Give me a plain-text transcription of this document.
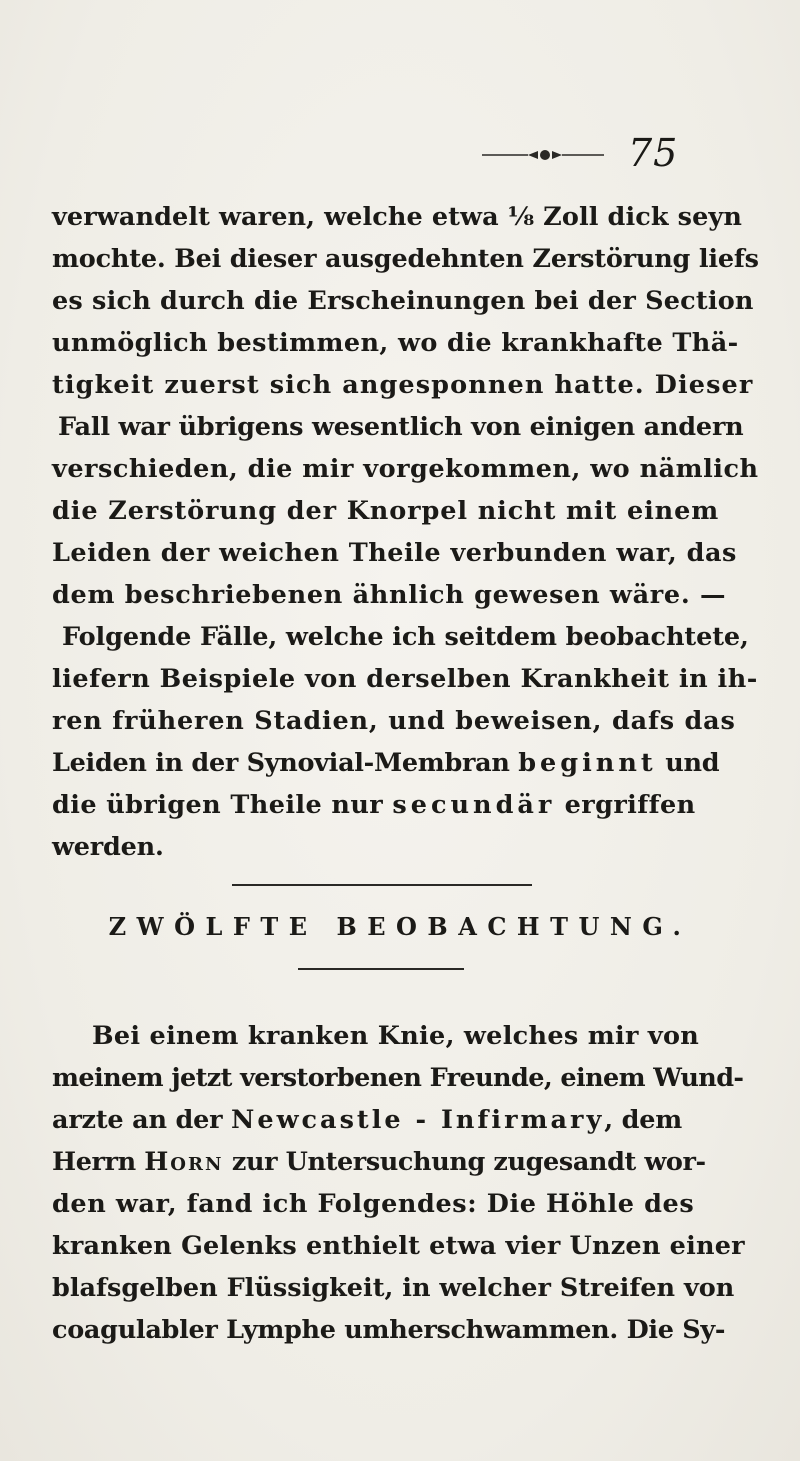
75
verwandelt waren, welche etwa ⅛ Zoll dick seyn
mochte. Bei dieser ausgedehnten Zerstörung liefs
es sich durch die Erscheinungen bei der Section
unmöglich bestimmen, wo die krankhafte Thä-
tigkeit zuerst sich angesponnen hatte. Dieser
Fall war übrigens wesentlich von einigen andern
verschieden, die mir vorgekommen, wo nämlich
die Zerstörung der Knorpel nicht mit einem
Leiden der weichen Theile verbunden war, das
dem beschriebenen ähnlich gewesen wäre. —
Folgende Fälle, welche ich seitdem beobachtete,
liefern Beispiele von derselben Krankheit in ih-
ren früheren Stadien, und beweisen, dafs das
Leiden in der Synovial-Membran beginnt und
die übrigen Theile nur secundär ergriffen
werden.
ZWÖLFTE BEOBACHTUNG.
Bei einem kranken Knie, welches mir von
meinem jetzt verstorbenen Freunde, einem Wund-
arzte an der Newcastle - Infirmary, dem
Herrn Horn zur Untersuchung zugesandt wor-
den war, fand ich Folgendes: Die Höhle des
kranken Gelenks enthielt etwa vier Unzen einer
blafsgelben Flüssigkeit, in welcher Streifen von
coagulabler Lymphe umherschwammen. Die Sy-
